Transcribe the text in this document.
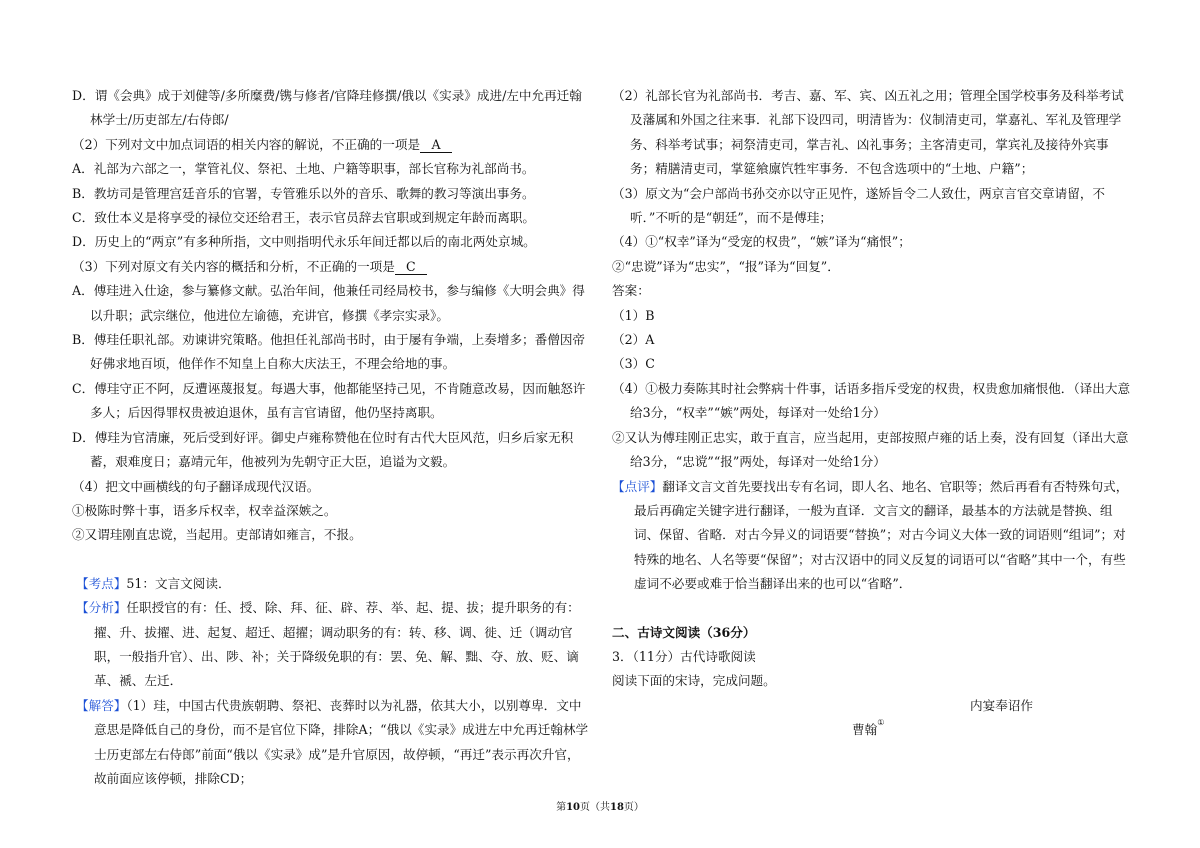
D．谓《会典》成于刘健等/多所糜费/镌与修者/官降珪修撰/俄以《实录》成进/左中允再迁翰林学士/历吏部左/右侍郎/

（2）下列对文中加点词语的相关内容的解说，不正确的一项是 A

A．礼部为六部之一，掌管礼仪、祭祀、土地、户籍等职事，部长官称为礼部尚书。

B．教坊司是管理宫廷音乐的官署，专管雅乐以外的音乐、歌舞的教习等演出事务。

C．致仕本义是将享受的禄位交还给君王，表示官员辞去官职或到规定年龄而离职。

D．历史上的“两京”有多种所指，文中则指明代永乐年间迁都以后的南北两处京城。

（3）下列对原文有关内容的概括和分析，不正确的一项是 C

A．傅珪进入仕途，参与纂修文献。弘治年间，他兼任司经局校书，参与编修《大明会典》得以升职；武宗继位，他进位左谕德，充讲官，修撰《孝宗实录》。

B．傅珪任职礼部。劝谏讲究策略。他担任礼部尚书时，由于屡有争端，上奏增多；番僧因帝好佛求地百顷，他佯作不知皇上自称大庆法王，不理会给地的事。

C．傅珪守正不阿，反遭诬蔑报复。每遇大事，他都能坚持己见，不肯随意改易，因而触怒许多人；后因得罪权贵被迫退休，虽有言官请留，他仍坚持离职。

D．傅珪为官清廉，死后受到好评。御史卢雍称赞他在位时有古代大臣风范，归乡后家无积蓄，艰难度日；嘉靖元年，他被列为先朝守正大臣，追谥为文毅。

（4）把文中画横线的句子翻译成现代汉语。

①极陈时弊十事，语多斥权幸，权幸益深嫉之。

②又谓珪刚直忠谠，当起用。吏部请如雍言，不报。

【考点】51：文言文阅读．

【分析】任职授官的有：任、授、除、拜、征、辟、荐、举、起、提、拔；提升职务的有：擢、升、拔擢、进、起复、超迁、超擢；调动职务的有：转、移、调、徙、迁（调动官职，一般指升官）、出、陟、补；关于降级免职的有：罢、免、解、黜、夺、放、贬、谪 革、褫、左迁．

【解答】（1）珪，中国古代贵族朝聘、祭祀、丧葬时以为礼器，依其大小，以别尊卑．文中意思是降低自己的身份，而不是官位下降，排除A；“俄以《实录》成进左中允再迁翰林学士历吏部左右侍郎”前面“俄以《实录》成”是升官原因，故停顿，“再迁”表示再次升官，故前面应该停顿，排除CD；

（2）礼部长官为礼部尚书．考吉、嘉、军、宾、凶五礼之用；管理全国学校事务及科举考试及藩属和外国之往来事．礼部下设四司，明清皆为：仪制清吏司，掌嘉礼、军礼及管理学务、科举考试事；祠祭清吏司，掌吉礼、凶礼事务；主客清吏司，掌宾礼及接待外宾事务；精膳清吏司，掌筵飨廪饩牲牢事务．不包含选项中的“土地、户籍”；

（3）原文为“会户部尚书孙交亦以守正见忤，遂矫旨令二人致仕，两京言官交章请留，不听．”不听的是“朝廷”，而不是傅珪；

（4）①“权幸”译为“受宠的权贵”，“嫉”译为“痛恨”；

②“忠谠”译为“忠实”，“报”译为“回复”．

答案：

（1）B

（2）A

（3）C

（4）①极力奏陈其时社会弊病十件事，话语多指斥受宠的权贵，权贵愈加痛恨他．（译出大意给3分，“权幸”“嫉”两处，每译对一处给1分）

②又认为傅珪刚正忠实，敢于直言，应当起用，吏部按照卢雍的话上奏，没有回复（译出大意给3分，“忠谠”“报”两处，每译对一处给1分）

【点评】翻译文言文首先要找出专有名词，即人名、地名、官职等；然后再看有否特殊句式，最后再确定关键字进行翻译，一般为直译．文言文的翻译，最基本的方法就是替换、组词、保留、省略．对古今异义的词语要“替换”；对古今词义大体一致的词语则“组词”；对特殊的地名、人名等要“保留”；对古汉语中的同义反复的词语可以“省略”其中一个，有些虚词不必要或难于恰当翻译出来的也可以“省略”．

二、古诗文阅读（36分）

3．（11分）古代诗歌阅读

阅读下面的宋诗，完成问题。

内宴奉诏作

曹翰①

第10页（共18页）
